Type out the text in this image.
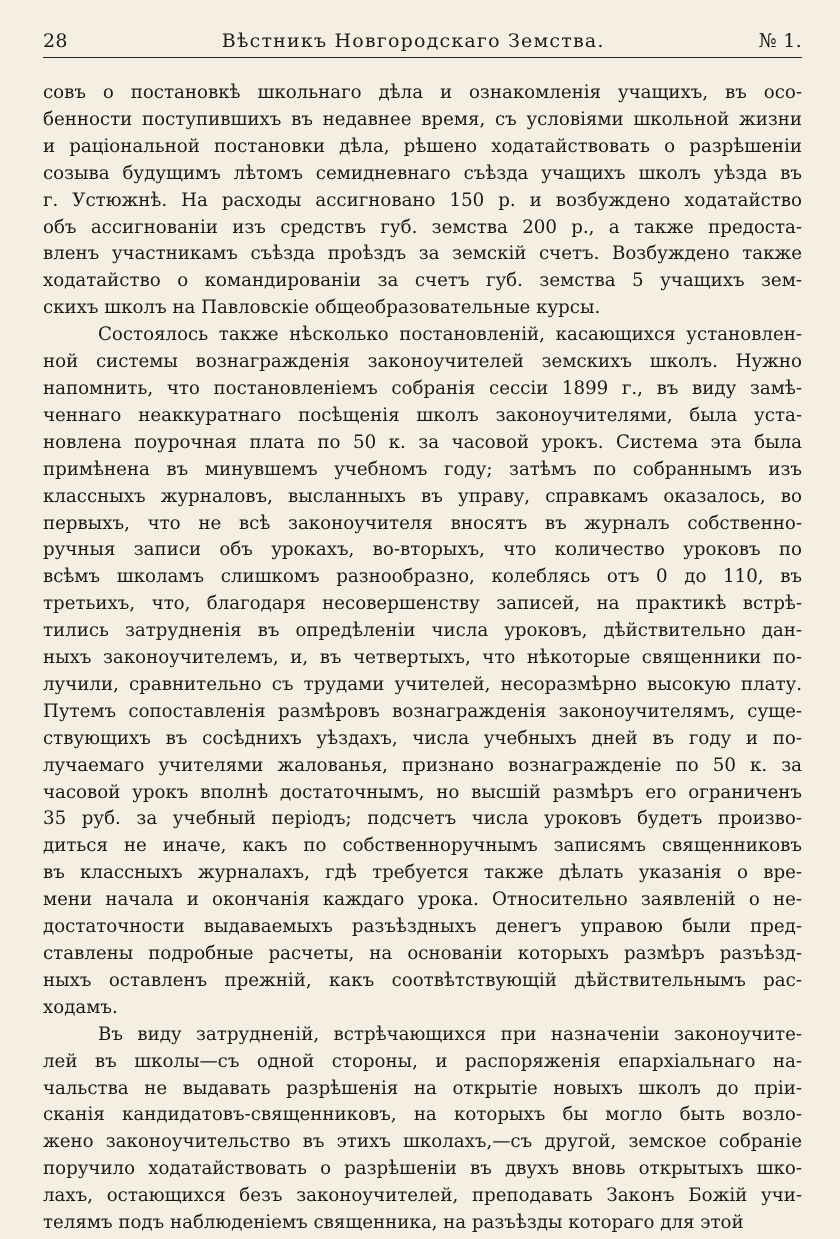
28	Вѣстникъ Новгородскаго Земства.	№ 1.
совъ о постановкѣ школьнаго дѣла и ознакомленія учащихъ, въ осо-
бенности поступившихъ въ недавнее время, съ условіями школьной жизни
и раціональной постановки дѣла, рѣшено ходатайствовать о разрѣшеніи
созыва будущимъ лѣтомъ семидневнаго съѣзда учащихъ школъ уѣзда въ
г. Устюжнѣ. На расходы ассигновано 150 р. и возбуждено ходатайство
объ ассигнованіи изъ средствъ губ. земства 200 р., а также предоста-
вленъ участникамъ съѣзда проѣздъ за земскій счетъ. Возбуждено также
ходатайство о командированіи за счетъ губ. земства 5 учащихъ зем-
скихъ школъ на Павловскіе общеобразовательные курсы.
Состоялось также нѣсколько постановленій, касающихся установлен-
ной системы вознагражденія законоучителей земскихъ школъ. Нужно
напомнить, что постановленіемъ собранія сессіи 1899 г., въ виду замѣ-
ченнаго неаккуратнаго посѣщенія школъ законоучителями, была уста-
новлена поурочная плата по 50 к. за часовой урокъ. Система эта была
примѣнена въ минувшемъ учебномъ году; затѣмъ по собраннымъ изъ
классныхъ журналовъ, высланныхъ въ управу, справкамъ оказалось, во
первыхъ, что не всѣ законоучителя вносятъ въ журналъ собственно-
ручныя записи объ урокахъ, во-вторыхъ, что количество уроковъ по
всѣмъ школамъ слишкомъ разнообразно, колеблясь отъ 0 до 110, въ
третьихъ, что, благодаря несовершенству записей, на практикѣ встрѣ-
тились затрудненія въ опредѣленіи числа уроковъ, дѣйствительно дан-
ныхъ законоучителемъ, и, въ четвертыхъ, что нѣкоторые священники по-
лучили, сравнительно съ трудами учителей, несоразмѣрно высокую плату.
Путемъ сопоставленія размѣровъ вознагражденія законоучителямъ, суще-
ствующихъ въ сосѣднихъ уѣздахъ, числа учебныхъ дней въ году и по-
лучаемаго учителями жалованья, признано вознагражденіе по 50 к. за
часовой урокъ вполнѣ достаточнымъ, но высшій размѣръ его ограниченъ
35 руб. за учебный періодъ; подсчетъ числа уроковъ будетъ произво-
диться не иначе, какъ по собственноручнымъ записямъ священниковъ
въ классныхъ журналахъ, гдѣ требуется также дѣлать указанія о вре-
мени начала и окончанія каждаго урока. Относительно заявленій о не-
достаточности выдаваемыхъ разъѣздныхъ денегъ управою были пред-
ставлены подробные расчеты, на основаніи которыхъ размѣръ разъѣзд-
ныхъ оставленъ прежній, какъ соотвѣтствующій дѣйствительнымъ рас-
ходамъ.
Въ виду затрудненій, встрѣчающихся при назначеніи законоучите-
лей въ школы—съ одной стороны, и распоряженія епархіальнаго на-
чальства не выдавать разрѣшенія на открытіе новыхъ школъ до пріи-
сканія кандидатовъ-священниковъ, на которыхъ бы могло быть возло-
жено законоучительство въ этихъ школахъ,—съ другой, земское собраніе
поручило ходатайствовать о разрѣшеніи въ двухъ вновь открытыхъ шко-
лахъ, остающихся безъ законоучителей, преподавать Законъ Божій учи-
телямъ подъ наблюденіемъ священника, на разъѣзды котораго для этой
